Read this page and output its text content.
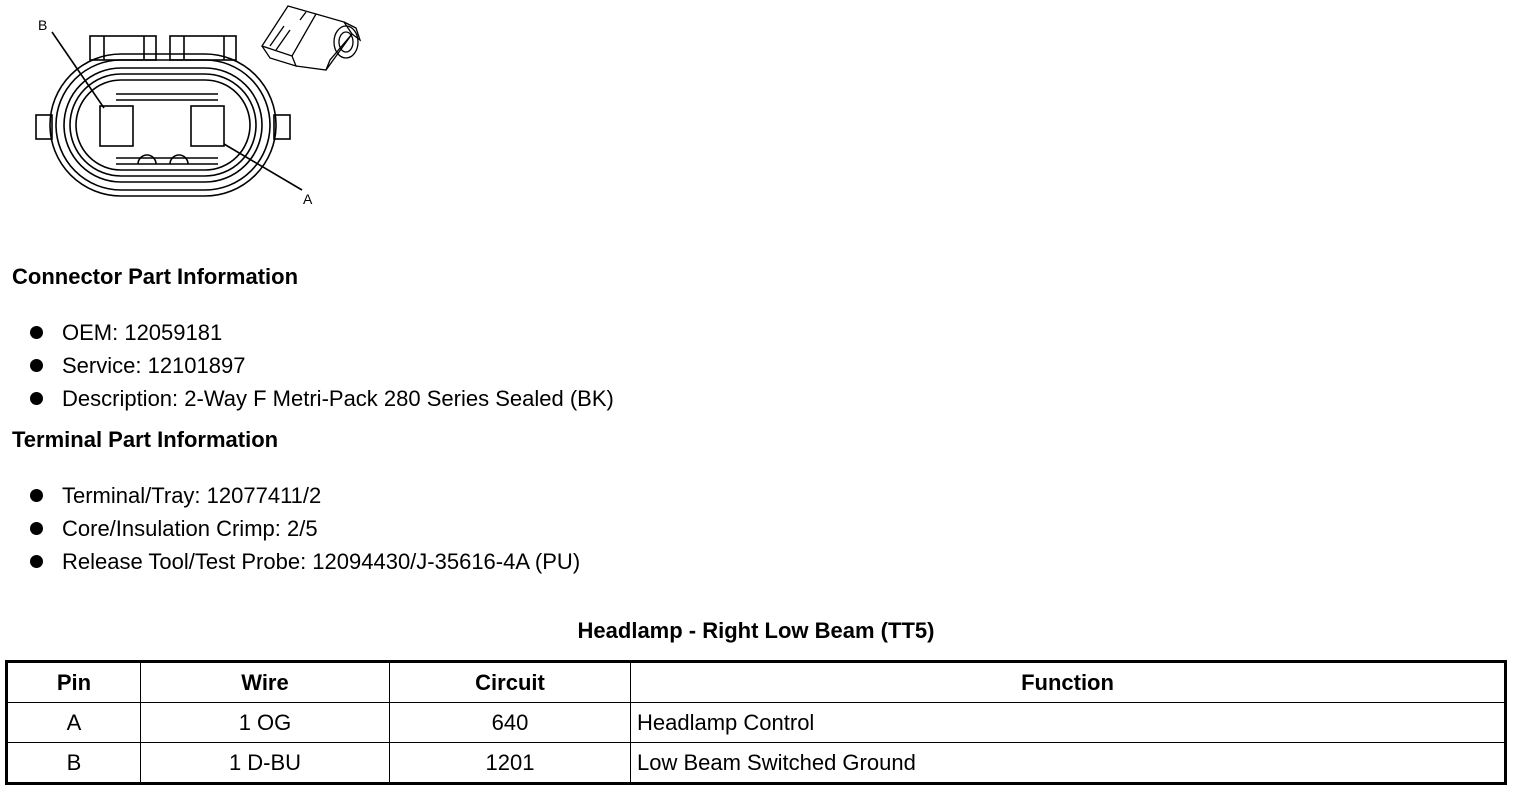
B
A
Connector Part Information
OEM: 12059181
Service: 12101897
Description: 2-Way F Metri-Pack 280 Series Sealed (BK)
Terminal Part Information
Terminal/Tray: 12077411/2
Core/Insulation Crimp: 2/5
Release Tool/Test Probe: 12094430/J-35616-4A (PU)
Headlamp - Right Low Beam (TT5)
Pin	Wire	Circuit	Function
A	1 OG	640	Headlamp Control
B	1 D-BU	1201	Low Beam Switched Ground
